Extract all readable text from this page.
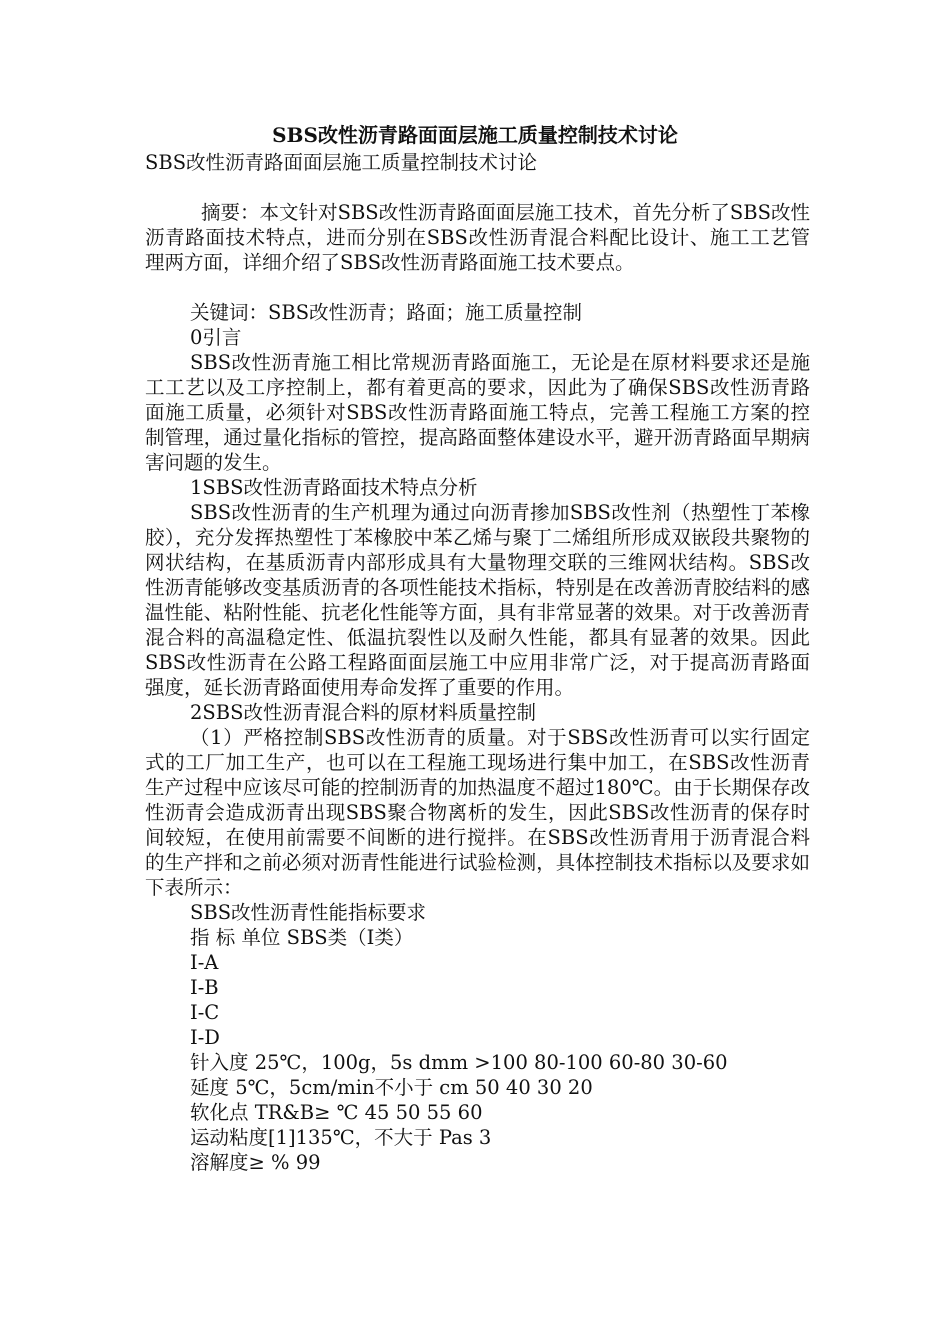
SBS改性沥青路面面层施工质量控制技术讨论

SBS改性沥青路面面层施工质量控制技术讨论

摘要：本文针对SBS改性沥青路面面层施工技术，首先分析了SBS改性沥青路面技术特点，进而分别在SBS改性沥青混合料配比设计、施工工艺管理两方面，详细介绍了SBS改性沥青路面施工技术要点。

关键词：SBS改性沥青；路面；施工质量控制

0引言

SBS改性沥青施工相比常规沥青路面施工，无论是在原材料要求还是施工工艺以及工序控制上，都有着更高的要求，因此为了确保SBS改性沥青路面施工质量，必须针对SBS改性沥青路面施工特点，完善工程施工方案的控制管理，通过量化指标的管控，提高路面整体建设水平，避开沥青路面早期病害问题的发生。

1SBS改性沥青路面技术特点分析

SBS改性沥青的生产机理为通过向沥青掺加SBS改性剂（热塑性丁苯橡胶），充分发挥热塑性丁苯橡胶中苯乙烯与聚丁二烯组所形成双嵌段共聚物的网状结构，在基质沥青内部形成具有大量物理交联的三维网状结构。SBS改性沥青能够改变基质沥青的各项性能技术指标，特别是在改善沥青胶结料的感温性能、粘附性能、抗老化性能等方面，具有非常显著的效果。对于改善沥青混合料的高温稳定性、低温抗裂性以及耐久性能，都具有显著的效果。因此SBS改性沥青在公路工程路面面层施工中应用非常广泛，对于提高沥青路面强度，延长沥青路面使用寿命发挥了重要的作用。

2SBS改性沥青混合料的原材料质量控制

（1）严格控制SBS改性沥青的质量。对于SBS改性沥青可以实行固定式的工厂加工生产，也可以在工程施工现场进行集中加工，在SBS改性沥青生产过程中应该尽可能的控制沥青的加热温度不超过180℃。由于长期保存改性沥青会造成沥青出现SBS聚合物离析的发生，因此SBS改性沥青的保存时间较短，在使用前需要不间断的进行搅拌。在SBS改性沥青用于沥青混合料的生产拌和之前必须对沥青性能进行试验检测，具体控制技术指标以及要求如下表所示：

SBS改性沥青性能指标要求

指 标 单位 SBS类（I类）

I-A

I-B

I-C

I-D

针入度 25℃，100g，5s dmm >100 80-100 60-80 30-60

延度 5℃，5cm/min不小于 cm 50 40 30 20

软化点 TR&B≥ ℃ 45 50 55 60

运动粘度[1]135℃，不大于 Pas 3

溶解度≥ % 99
